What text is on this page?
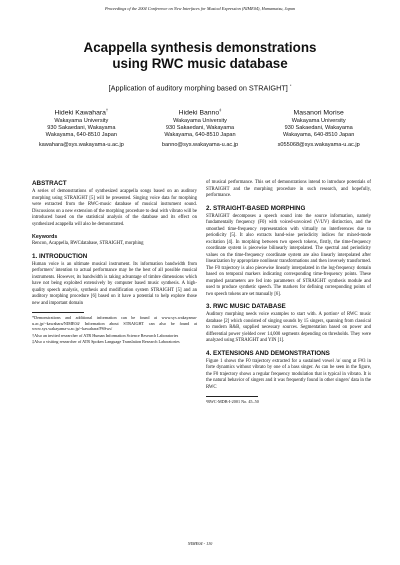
Proceedings of the 2004 Conference on New Interfaces for Musical Expression (NIME04), Hamamatsu, Japan
Acappella synthesis demonstrations
using RWC music database
[Application of auditory morphing based on STRAIGHT] *
Hideki Kawahara†
Wakayama University
930 Sakaedani, Wakayama
Wakayama, 640-8510 Japan
kawahara@sys.wakayama-u.ac.jp
Hideki Banno‡
Wakayama University
930 Sakaedani, Wakayama
Wakayama, 640-8510 Japan
banno@sys.wakayama-u.ac.jp
Masanori Morise
Wakayama University
930 Sakaedani, Wakayama
Wakayama, 640-8510 Japan
s055068@sys.wakayama-u.ac.jp
ABSTRACT

A series of demonstrations of synthesized acappella songs based on an auditory morphing using STRAIGHT [5] will be presented. Singing voice data for morphing were extracted from the RWC-music database of musical instrument sound. Discussions on a new extension of the morphing procedure to deal with vibrato will be introduced based on the statistical analysis of the database and its effect on synthesized acappella will also be demonstrated.

Keywords

Rencon, Acappella, RWCdatabase, STRAIGHT, morphing

1. INTRODUCTION

Human voice is an ultimate musical instrument. Its information bandwidth from performers' intention to actual performance may be the best of all possible musical instruments. However, its bandwidth is taking advantage of timbre dimensions which have not being exploited extensively by computer based music synthesis. A high-quality speech analysis, synthesis and modification system STRAIGHT [5] and an auditory morphing procedure [6] based on it have a potential to help explore those new and important domain

*Demonstrations and additional information can be found at www.sys.wakayama-u.ac.jp/~kawahara/NIME04/ Information about STRAIGHT can also be found at www.sys.wakayama-u.ac.jp/~kawahara/PSSws/

†Also an invited researcher of ATR Human Information Science Research Laboratories

‡Also a visiting researcher of ATR Spoken Language Translation Research Laboratories

of musical performance. This set of demonstrations intend to introduce potentials of STRAIGHT and the morphing procedure in such research, and hopefully, performance.

2. STRAIGHT-BASED MORPHING

STRAIGHT decomposes a speech sound into the source information, namely fundamentally frequency (F0) with voiced-unvoiced (V/UV) distinction, and the smoothed time-frequency representation with virtually no interferences due to periodicity [5]. It also extracts band-wise periodicity indices for mixed-mode excitation [4]. In morphing between two speech tokens, firstly, the time-frequency coordinate system is piecewise bilinearly interpolated. The spectral and periodicity values on the time-frequency coordinate system are also linearly interpolated after linearization by appropriate nonlinear transformations and then inversely transformed. The F0 trajectory is also piecewise linearly interpolated in the log-frequency domain based on temporal markers indicating corresponding time-frequency points. These morphed parameters are fed into parameters of STRAIGHT synthesis module and used to produce synthetic speech. The markers for defining corresponding points of two speech tokens are set manually [6].

3. RWC MUSIC DATABASE

Auditory morphing needs voice examples to start with. A portion¹ of RWC music database [2] which consisted of singing sounds by 15 singers, spanning from classical to modern R&B, supplied necessary sources. Segmentation based on power and differential power yielded over 14,000 segments depending on thresholds. They were analyzed using STRAIGHT and YIN [1].

4. EXTENSIONS AND DEMONSTRATIONS

Figure 1 shows the F0 trajectory extracted for a sustained vowel /a/ sung at F#3 in forte dynamics without vibrato by one of a bass singer. As can be seen in the figure, the F0 trajectory shows a regular frequency modulation that is typical in vibrato. It is the natural behavior of singers and it was frequently found in other singers' data in the RWC

¹RWC-MDB-I-2001 No. 45–50

NIME04 - 110
